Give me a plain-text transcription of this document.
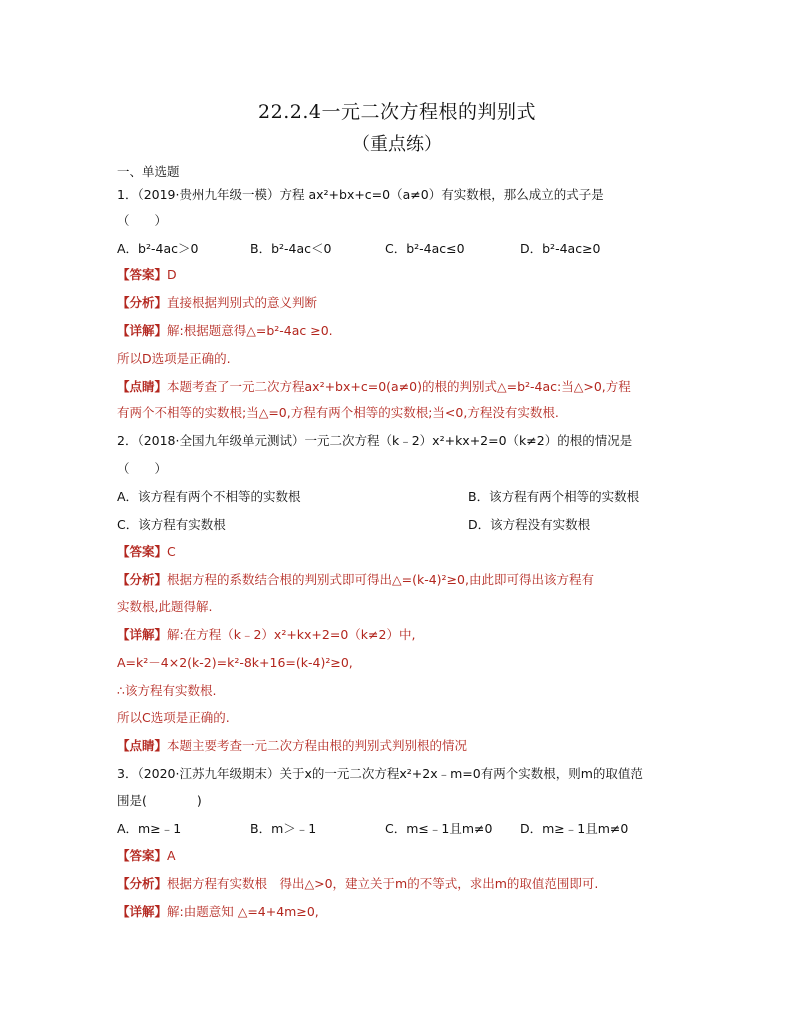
22.2.4一元二次方程根的判别式
（重点练）
一、单选题
1．（2019·贵州九年级一模）方程 ax²+bx+c=0（a≠0）有实数根，那么成立的式子是
（　　）
A．b²-4ac＞0	B．b²-4ac＜0	C．b²-4ac≤0	D．b²-4ac≥0
【答案】D
【分析】直接根据判别式的意义判断
【详解】解:根据题意得△=b²-4ac ≥0.
所以D选项是正确的.
【点睛】本题考查了一元二次方程ax²+bx+c=0(a≠0)的根的判别式△=b²-4ac:当△>0,方程
有两个不相等的实数根;当△=0,方程有两个相等的实数根;当<0,方程没有实数根.
2．（2018·全国九年级单元测试）一元二次方程（k﹣2）x²+kx+2=0（k≠2）的根的情况是
（　　）
A．该方程有两个不相等的实数根	B．该方程有两个相等的实数根
C．该方程有实数根	D．该方程没有实数根
【答案】C
【分析】根据方程的系数结合根的判别式即可得出△=(k-4)²≥0,由此即可得出该方程有
实数根,此题得解.
【详解】解:在方程（k﹣2）x²+kx+2=0（k≠2）中,
A=k²－4×2(k-2)=k²-8k+16=(k-4)²≥0,
∴该方程有实数根.
所以C选项是正确的.
【点睛】本题主要考查一元二次方程由根的判别式判别根的情况
3．（2020·江苏九年级期末）关于x的一元二次方程x²+2x﹣m=0有两个实数根，则m的取值范
围是(　　　　)
A．m≥﹣1	B．m＞﹣1	C．m≤﹣1且m≠0 D．m≥﹣1且m≠0
【答案】A
【分析】根据方程有实数根　得出△>0，建立关于m的不等式，求出m的取值范围即可.
【详解】解:由题意知 △=4+4m≥0,
